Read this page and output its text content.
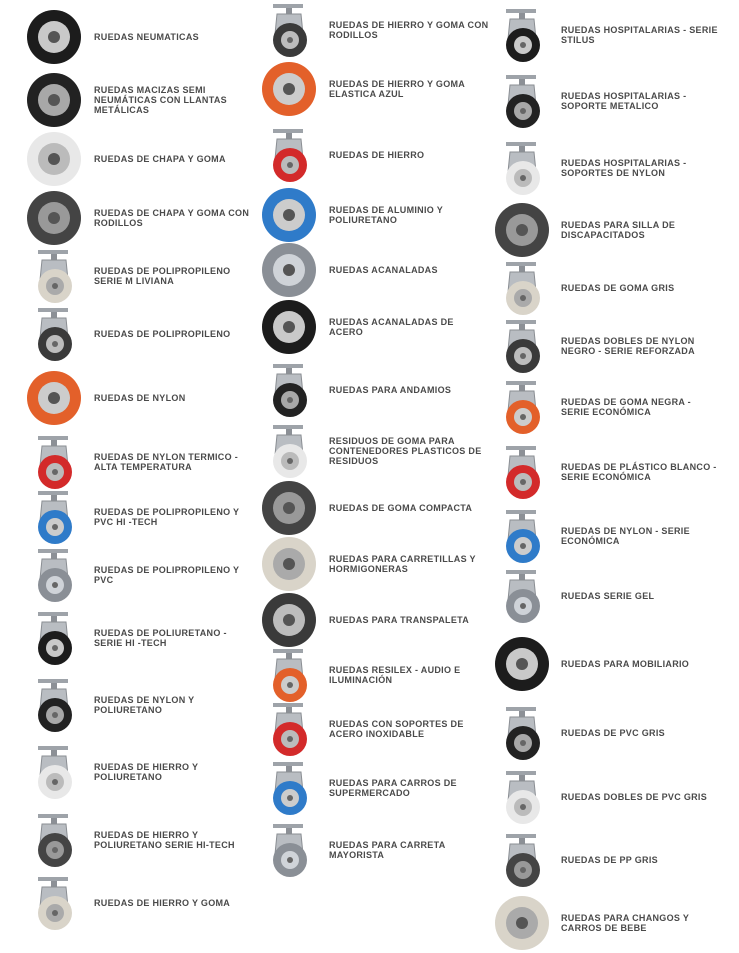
RUEDAS NEUMATICAS
RUEDAS MACIZAS SEMI NEUMÁTICAS CON LLANTAS METÁLICAS
RUEDAS DE CHAPA Y GOMA
RUEDAS DE CHAPA Y GOMA CON RODILLOS
RUEDAS DE POLIPROPILENO SERIE M LIVIANA
RUEDAS DE POLIPROPILENO
RUEDAS DE NYLON
RUEDAS DE NYLON TERMICO - ALTA TEMPERATURA
RUEDAS DE POLIPROPILENO Y PVC HI -TECH
RUEDAS DE POLIPROPILENO Y PVC
RUEDAS DE POLIURETANO - SERIE HI -TECH
RUEDAS DE NYLON Y POLIURETANO
RUEDAS DE HIERRO Y POLIURETANO
RUEDAS DE HIERRO Y POLIURETANO SERIE HI-TECH
RUEDAS DE HIERRO Y GOMA
RUEDAS DE HIERRO Y GOMA CON RODILLOS
RUEDAS DE HIERRO Y GOMA ELASTICA AZUL
RUEDAS DE HIERRO
RUEDAS DE ALUMINIO Y POLIURETANO
RUEDAS ACANALADAS
RUEDAS ACANALADAS DE ACERO
RUEDAS PARA ANDAMIOS
RESIDUOS DE GOMA PARA CONTENEDORES PLASTICOS DE RESIDUOS
RUEDAS DE GOMA COMPACTA
RUEDAS PARA CARRETILLAS Y HORMIGONERAS
RUEDAS PARA TRANSPALETA
RUEDAS RESILEX - AUDIO E ILUMINACIÓN
RUEDAS CON SOPORTES DE ACERO INOXIDABLE
RUEDAS PARA CARROS DE SUPERMERCADO
RUEDAS PARA CARRETA MAYORISTA
RUEDAS HOSPITALARIAS - SERIE STILUS
RUEDAS HOSPITALARIAS - SOPORTE METALICO
RUEDAS HOSPITALARIAS - SOPORTES DE NYLON
RUEDAS PARA SILLA DE DISCAPACITADOS
RUEDAS DE GOMA GRIS
RUEDAS DOBLES DE NYLON NEGRO - SERIE REFORZADA
RUEDAS DE GOMA NEGRA - SERIE ECONÓMICA
RUEDAS DE PLÁSTICO BLANCO - SERIE ECONÓMICA
RUEDAS DE NYLON - SERIE ECONÓMICA
RUEDAS SERIE GEL
RUEDAS PARA MOBILIARIO
RUEDAS DE PVC GRIS
RUEDAS DOBLES DE PVC GRIS
RUEDAS DE PP GRIS
RUEDAS PARA CHANGOS Y CARROS DE BEBE
